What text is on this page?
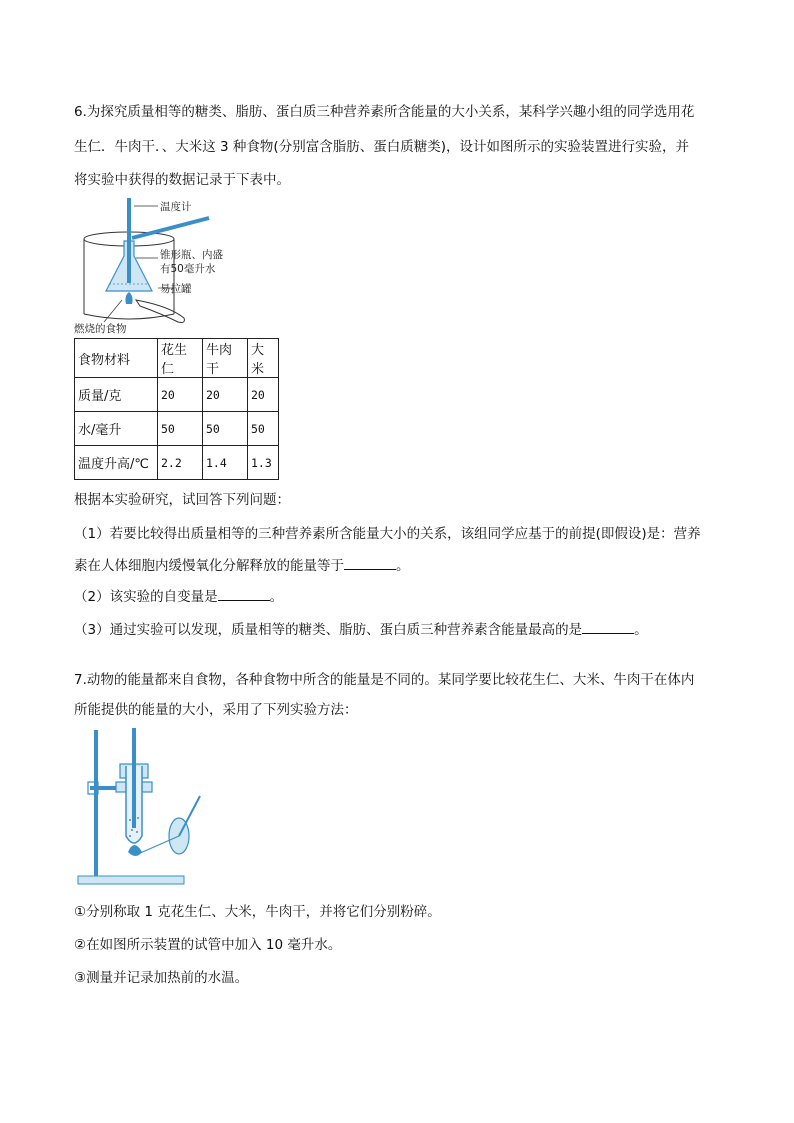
6.为探究质量相等的糖类、脂肪、蛋白质三种营养素所含能量的大小关系，某科学兴趣小组的同学选用花
生仁．牛肉干．、大米这 3 种食物(分别富含脂肪、蛋白质糖类)，设计如图所示的实验装置进行实验，并
将实验中获得的数据记录于下表中。
温度计
锥形瓶、内盛
有50毫升水
易拉罐
燃烧的食物
食物材料	花生仁	牛肉干	大米
质量/克	20	20	20
水/毫升	50	50	50
温度升高/℃	2.2	1.4	1.3
根据本实验研究，试回答下列问题：
（1）若要比较得出质量相等的三种营养素所含能量大小的关系，该组同学应基于的前提(即假设)是：营养
素在人体细胞内缓慢氧化分解释放的能量等于	。
（2）该实验的自变量是	。
（3）通过实验可以发现，质量相等的糖类、脂肪、蛋白质三种营养素含能量最高的是	。
7.动物的能量都来自食物，各种食物中所含的能量是不同的。某同学要比较花生仁、大米、牛肉干在体内
所能提供的能量的大小，采用了下列实验方法：
①分别称取 1 克花生仁、大米，牛肉干，并将它们分别粉碎。
②在如图所示装置的试管中加入 10 毫升水。
③测量并记录加热前的水温。
